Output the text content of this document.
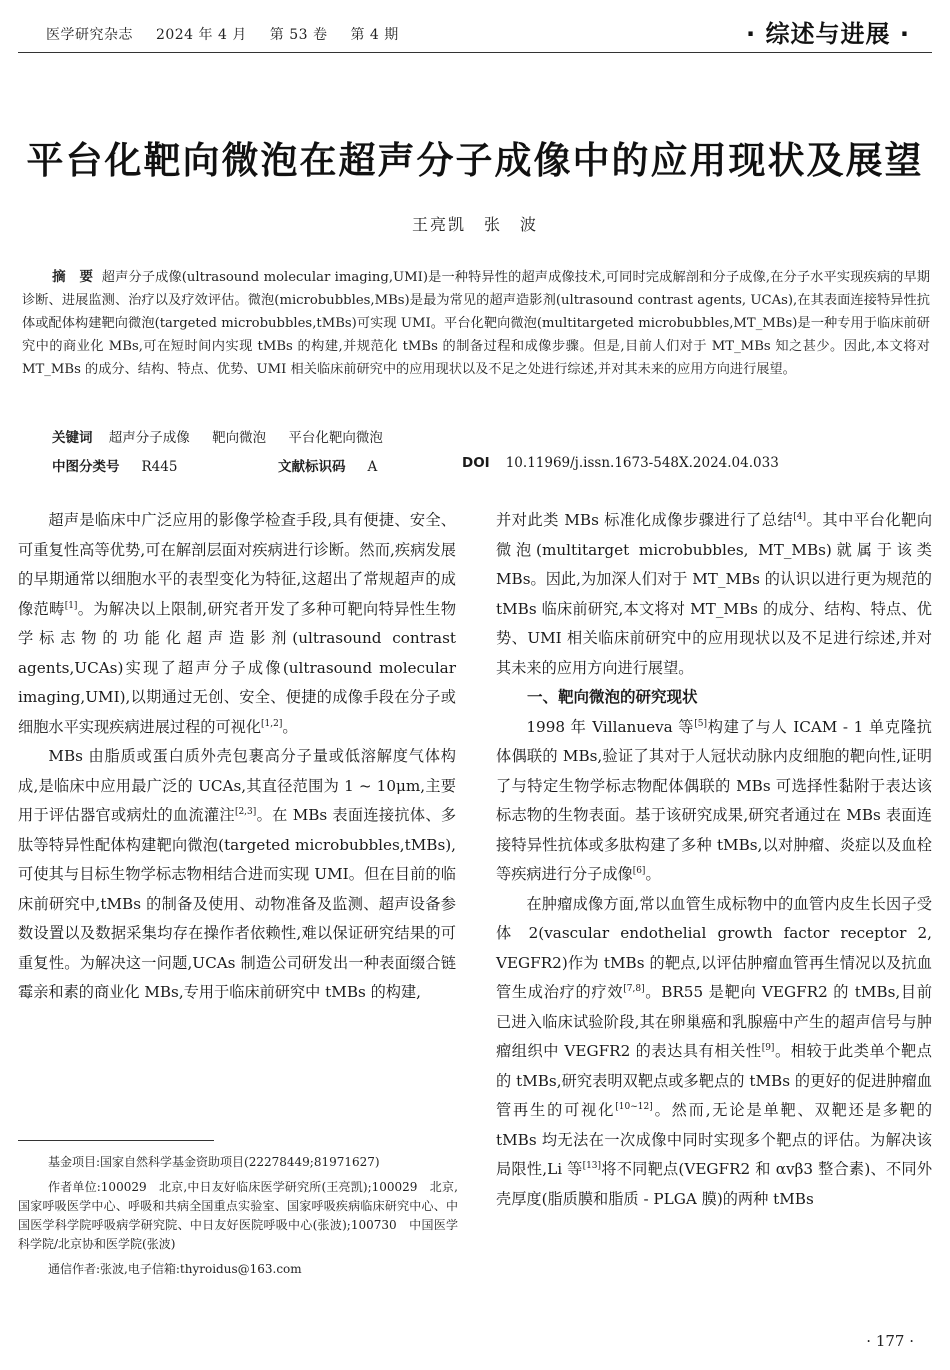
医学研究杂志 2024 年 4 月 第 53 卷 第 4 期	· 综述与进展 ·
平台化靶向微泡在超声分子成像中的应用现状及展望
王亮凯　张　波
摘　要 超声分子成像(ultrasound molecular imaging,UMI)是一种特异性的超声成像技术,可同时完成解剖和分子成像,在分子水平实现疾病的早期诊断、进展监测、治疗以及疗效评估。微泡(microbubbles,MBs)是最为常见的超声造影剂(ultrasound contrast agents, UCAs),在其表面连接特异性抗体或配体构建靶向微泡(targeted microbubbles,tMBs)可实现 UMI。平台化靶向微泡(multitargeted microbubbles,MT_MBs)是一种专用于临床前研究中的商业化 MBs,可在短时间内实现 tMBs 的构建,并规范化 tMBs 的制备过程和成像步骤。但是,目前人们对于 MT_MBs 知之甚少。因此,本文将对 MT_MBs 的成分、结构、特点、优势、UMI 相关临床前研究中的应用现状以及不足之处进行综述,并对其未来的应用方向进行展望。
关键词 超声分子成像 靶向微泡 平台化靶向微泡
中图分类号 R445	文献标识码 A	DOI 10.11969/j.issn.1673-548X.2024.04.033

超声是临床中广泛应用的影像学检查手段,具有便捷、安全、可重复性高等优势,可在解剖层面对疾病进行诊断。然而,疾病发展的早期通常以细胞水平的表型变化为特征,这超出了常规超声的成像范畴[1]。为解决以上限制,研究者开发了多种可靶向特异性生物学标志物的功能化超声造影剂(ultrasound contrast agents,UCAs)实现了超声分子成像(ultrasound molecular imaging,UMI),以期通过无创、安全、便捷的成像手段在分子或细胞水平实现疾病进展过程的可视化[1,2]。

MBs 由脂质或蛋白质外壳包裹高分子量或低溶解度气体构成,是临床中应用最广泛的 UCAs,其直径范围为 1 ~ 10μm,主要用于评估器官或病灶的血流灌注[2,3]。在 MBs 表面连接抗体、多肽等特异性配体构建靶向微泡(targeted microbubbles,tMBs),可使其与目标生物学标志物相结合进而实现 UMI。但在目前的临床前研究中,tMBs 的制备及使用、动物准备及监测、超声设备参数设置以及数据采集均存在操作者依赖性,难以保证研究结果的可重复性。为解决这一问题,UCAs 制造公司研发出一种表面缀合链霉亲和素的商业化 MBs,专用于临床前研究中 tMBs 的构建,

并对此类 MBs 标准化成像步骤进行了总结[4]。其中平台化靶向微泡(multitarget microbubbles, MT_MBs)就属于该类 MBs。因此,为加深人们对于 MT_MBs 的认识以进行更为规范的 tMBs 临床前研究,本文将对 MT_MBs 的成分、结构、特点、优势、UMI 相关临床前研究中的应用现状以及不足进行综述,并对其未来的应用方向进行展望。

一、靶向微泡的研究现状

1998 年 Villanueva 等[5]构建了与人 ICAM - 1 单克隆抗体偶联的 MBs,验证了其对于人冠状动脉内皮细胞的靶向性,证明了与特定生物学标志物配体偶联的 MBs 可选择性黏附于表达该标志物的生物表面。基于该研究成果,研究者通过在 MBs 表面连接特异性抗体或多肽构建了多种 tMBs,以对肿瘤、炎症以及血栓等疾病进行分子成像[6]。

在肿瘤成像方面,常以血管生成标物中的血管内皮生长因子受体 2(vascular endothelial growth factor receptor 2, VEGFR2)作为 tMBs 的靶点,以评估肿瘤血管再生情况以及抗血管生成治疗的疗效[7,8]。BR55 是靶向 VEGFR2 的 tMBs,目前已进入临床试验阶段,其在卵巢癌和乳腺癌中产生的超声信号与肿瘤组织中 VEGFR2 的表达具有相关性[9]。相较于此类单个靶点的 tMBs,研究表明双靶点或多靶点的 tMBs 的更好的促进肿瘤血管再生的可视化[10~12]。然而,无论是单靶、双靶还是多靶的 tMBs 均无法在一次成像中同时实现多个靶点的评估。为解决该局限性,Li 等[13]将不同靶点(VEGFR2 和 αvβ3 整合素)、不同外壳厚度(脂质膜和脂质 - PLGA 膜)的两种 tMBs

基金项目:国家自然科学基金资助项目(22278449;81971627)

作者单位:100029　北京,中日友好临床医学研究所(王亮凯);100029　北京,国家呼吸医学中心、呼吸和共病全国重点实验室、国家呼吸疾病临床研究中心、中国医学科学院呼吸病学研究院、中日友好医院呼吸中心(张波);100730　中国医学科学院/北京协和医学院(张波)

通信作者:张波,电子信箱:thyroidus@163.com

· 177 ·
